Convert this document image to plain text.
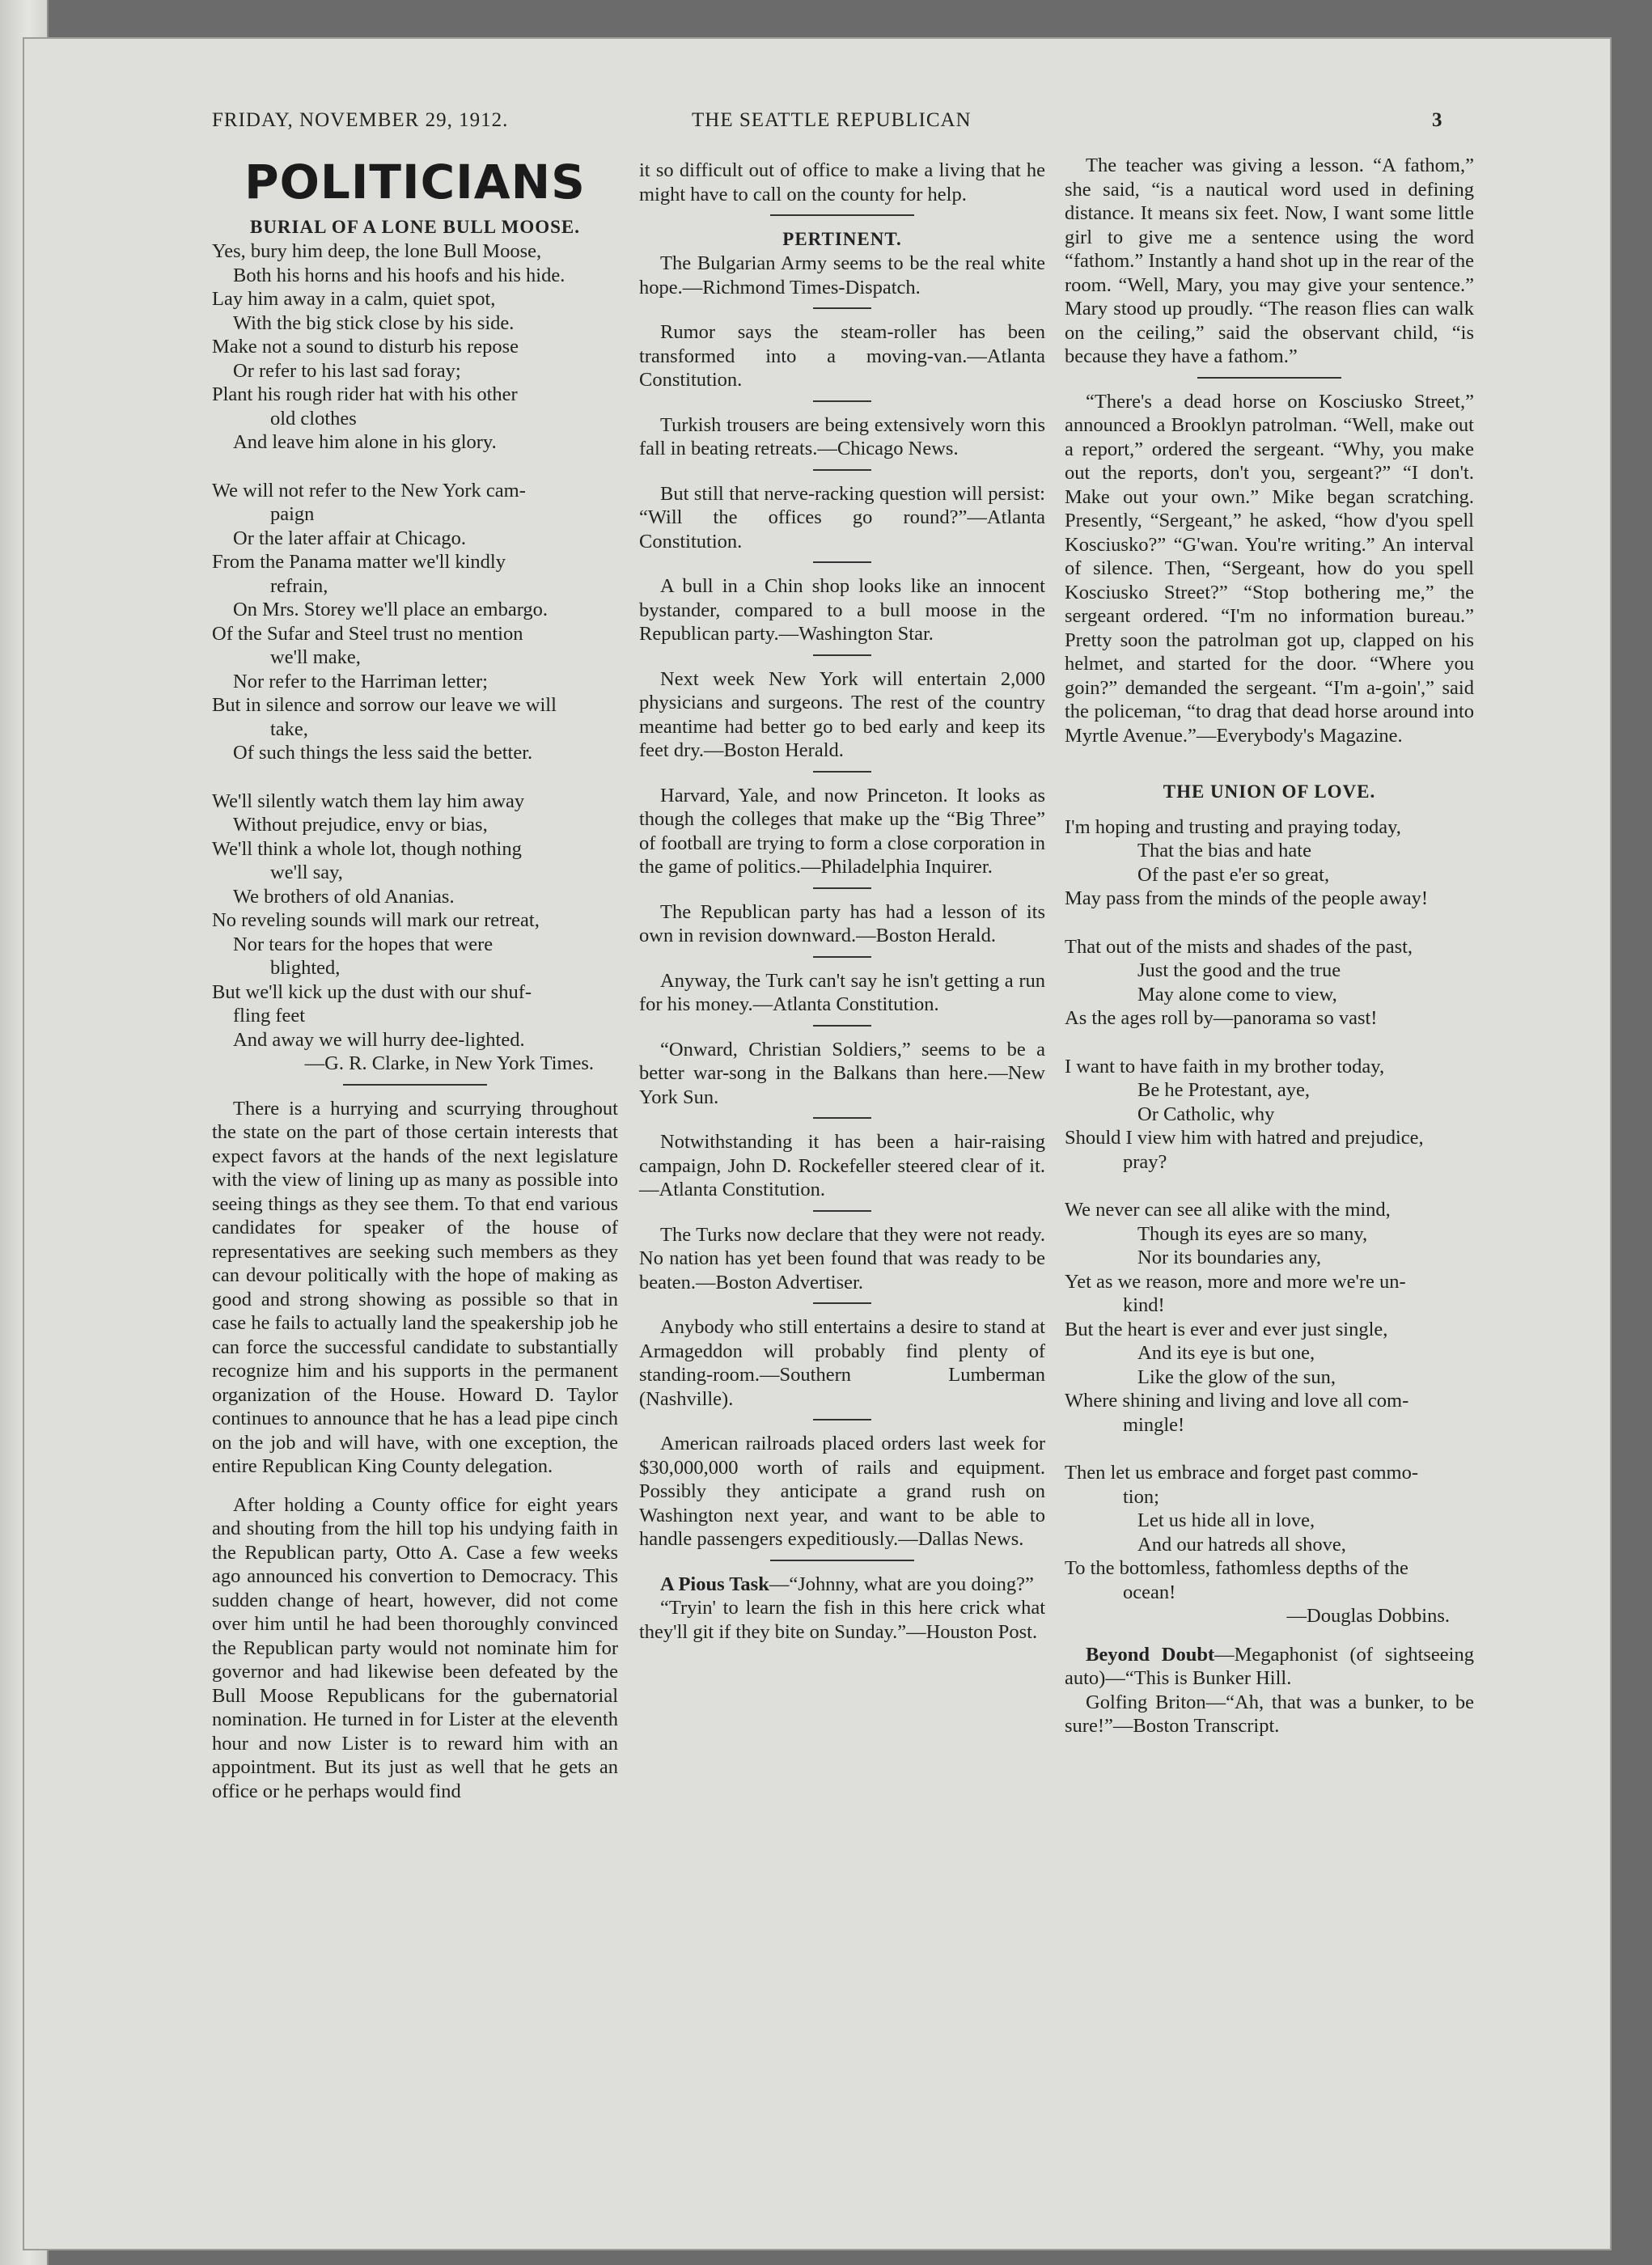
FRIDAY, NOVEMBER 29, 1912.	THE SEATTLE REPUBLICAN	3
POLITICIANS
BURIAL OF A LONE BULL MOOSE.

Yes, bury him deep, the lone Bull Moose,

Both his horns and his hoofs and his hide.

Lay him away in a calm, quiet spot,

With the big stick close by his side.

Make not a sound to disturb his repose

Or refer to his last sad foray;

Plant his rough rider hat with his other

old clothes

And leave him alone in his glory.

We will not refer to the New York cam-

paign

Or the later affair at Chicago.

From the Panama matter we'll kindly

refrain,

On Mrs. Storey we'll place an embargo.

Of the Sufar and Steel trust no mention

we'll make,

Nor refer to the Harriman letter;

But in silence and sorrow our leave we will

take,

Of such things the less said the better.

We'll silently watch them lay him away

Without prejudice, envy or bias,

We'll think a whole lot, though nothing

we'll say,

We brothers of old Ananias.

No reveling sounds will mark our retreat,

Nor tears for the hopes that were

blighted,

But we'll kick up the dust with our shuf-

fling feet

And away we will hurry dee-lighted.

—G. R. Clarke, in New York Times.

There is a hurrying and scurrying throughout the state on the part of those certain interests that expect favors at the hands of the next legislature with the view of lining up as many as possible into seeing things as they see them. To that end various candidates for speaker of the house of representatives are seeking such members as they can devour politically with the hope of making as good and strong showing as possible so that in case he fails to actually land the speakership job he can force the successful candidate to substantially recognize him and his supports in the permanent organization of the House. Howard D. Taylor continues to announce that he has a lead pipe cinch on the job and will have, with one exception, the entire Republican King County delegation.

After holding a County office for eight years and shouting from the hill top his undying faith in the Republican party, Otto A. Case a few weeks ago announced his convertion to Democracy. This sudden change of heart, however, did not come over him until he had been thoroughly convinced the Republican party would not nominate him for governor and had likewise been defeated by the Bull Moose Republicans for the gubernatorial nomination. He turned in for Lister at the eleventh hour and now Lister is to reward him with an appointment. But its just as well that he gets an office or he perhaps would find

it so difficult out of office to make a living that he might have to call on the county for help.

PERTINENT.

The Bulgarian Army seems to be the real white hope.—Richmond Times-Dispatch.

Rumor says the steam-roller has been transformed into a moving-van.—Atlanta Constitution.

Turkish trousers are being extensively worn this fall in beating retreats.—Chicago News.

But still that nerve-racking question will persist: “Will the offices go round?”—Atlanta Constitution.

A bull in a Chin shop looks like an innocent bystander, compared to a bull moose in the Republican party.—Washington Star.

Next week New York will entertain 2,000 physicians and surgeons. The rest of the country meantime had better go to bed early and keep its feet dry.—Boston Herald.

Harvard, Yale, and now Princeton. It looks as though the colleges that make up the “Big Three” of football are trying to form a close corporation in the game of politics.—Philadelphia Inquirer.

The Republican party has had a lesson of its own in revision downward.—Boston Herald.

Anyway, the Turk can't say he isn't getting a run for his money.—Atlanta Constitution.

“Onward, Christian Soldiers,” seems to be a better war-song in the Balkans than here.—New York Sun.

Notwithstanding it has been a hair-raising campaign, John D. Rockefeller steered clear of it.—Atlanta Constitution.

The Turks now declare that they were not ready. No nation has yet been found that was ready to be beaten.—Boston Advertiser.

Anybody who still entertains a desire to stand at Armageddon will probably find plenty of standing-room.—Southern Lumberman (Nashville).

American railroads placed orders last week for $30,000,000 worth of rails and equipment. Possibly they anticipate a grand rush on Washington next year, and want to be able to handle passengers expeditiously.—Dallas News.

A Pious Task—“Johnny, what are you doing?”

“Tryin' to learn the fish in this here crick what they'll git if they bite on Sunday.”—Houston Post.

The teacher was giving a lesson. “A fathom,” she said, “is a nautical word used in defining distance. It means six feet. Now, I want some little girl to give me a sentence using the word “fathom.” Instantly a hand shot up in the rear of the room. “Well, Mary, you may give your sentence.” Mary stood up proudly. “The reason flies can walk on the ceiling,” said the observant child, “is because they have a fathom.”

“There's a dead horse on Kosciusko Street,” announced a Brooklyn patrolman. “Well, make out a report,” ordered the sergeant. “Why, you make out the reports, don't you, sergeant?” “I don't. Make out your own.” Mike began scratching. Presently, “Sergeant,” he asked, “how d'you spell Kosciusko?” “G'wan. You're writing.” An interval of silence. Then, “Sergeant, how do you spell Kosciusko Street?” “Stop bothering me,” the sergeant ordered. “I'm no information bureau.” Pretty soon the patrolman got up, clapped on his helmet, and started for the door. “Where you goin?” demanded the sergeant. “I'm a-goin',” said the policeman, “to drag that dead horse around into Myrtle Avenue.”—Everybody's Magazine.

THE UNION OF LOVE.

I'm hoping and trusting and praying today,

That the bias and hate

Of the past e'er so great,

May pass from the minds of the people away!

That out of the mists and shades of the past,

Just the good and the true

May alone come to view,

As the ages roll by—panorama so vast!

I want to have faith in my brother today,

Be he Protestant, aye,

Or Catholic, why

Should I view him with hatred and prejudice,

pray?

We never can see all alike with the mind,

Though its eyes are so many,

Nor its boundaries any,

Yet as we reason, more and more we're un-

kind!

But the heart is ever and ever just single,

And its eye is but one,

Like the glow of the sun,

Where shining and living and love all com-

mingle!

Then let us embrace and forget past commo-

tion;

Let us hide all in love,

And our hatreds all shove,

To the bottomless, fathomless depths of the

ocean!

—Douglas Dobbins.

Beyond Doubt—Megaphonist (of sightseeing auto)—“This is Bunker Hill.

Golfing Briton—“Ah, that was a bunker, to be sure!”—Boston Transcript.
